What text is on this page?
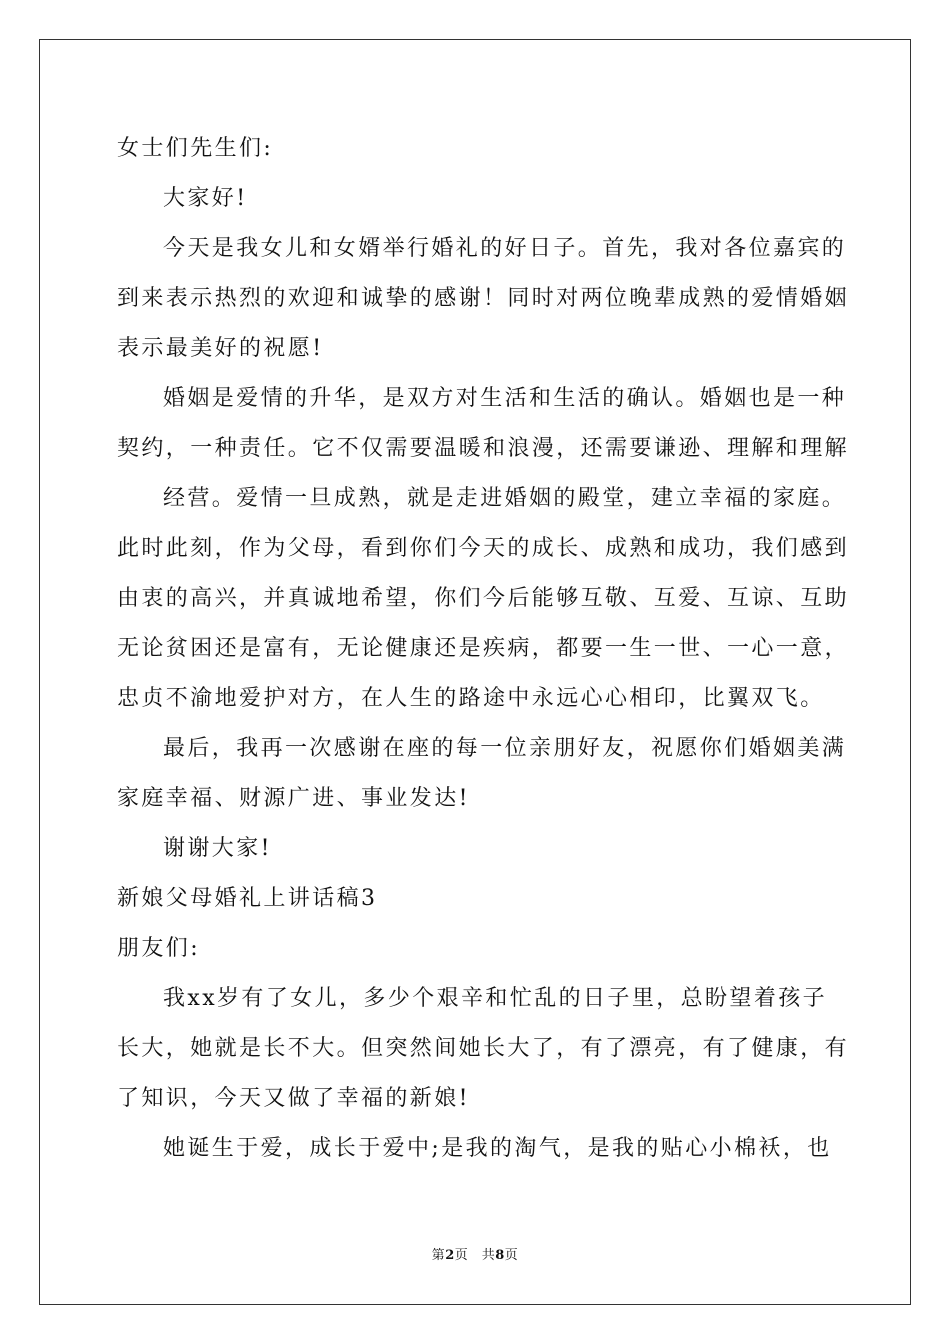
女士们先生们:
大家好!
今天是我女儿和女婿举行婚礼的好日子。首先，我对各位嘉宾的
到来表示热烈的欢迎和诚挚的感谢！同时对两位晚辈成熟的爱情婚姻
表示最美好的祝愿!
婚姻是爱情的升华，是双方对生活和生活的确认。婚姻也是一种
契约，一种责任。它不仅需要温暖和浪漫，还需要谦逊、理解和理解
经营。爱情一旦成熟，就是走进婚姻的殿堂，建立幸福的家庭。
此时此刻，作为父母，看到你们今天的成长、成熟和成功，我们感到
由衷的高兴，并真诚地希望，你们今后能够互敬、互爱、互谅、互助
无论贫困还是富有，无论健康还是疾病，都要一生一世、一心一意，
忠贞不渝地爱护对方，在人生的路途中永远心心相印，比翼双飞。
最后，我再一次感谢在座的每一位亲朋好友，祝愿你们婚姻美满
家庭幸福、财源广进、事业发达!
谢谢大家!
新娘父母婚礼上讲话稿3
朋友们:
我xx岁有了女儿，多少个艰辛和忙乱的日子里，总盼望着孩子
长大，她就是长不大。但突然间她长大了，有了漂亮，有了健康，有
了知识，今天又做了幸福的新娘!
她诞生于爱，成长于爱中;是我的淘气，是我的贴心小棉袄，也
第2页　共8页
